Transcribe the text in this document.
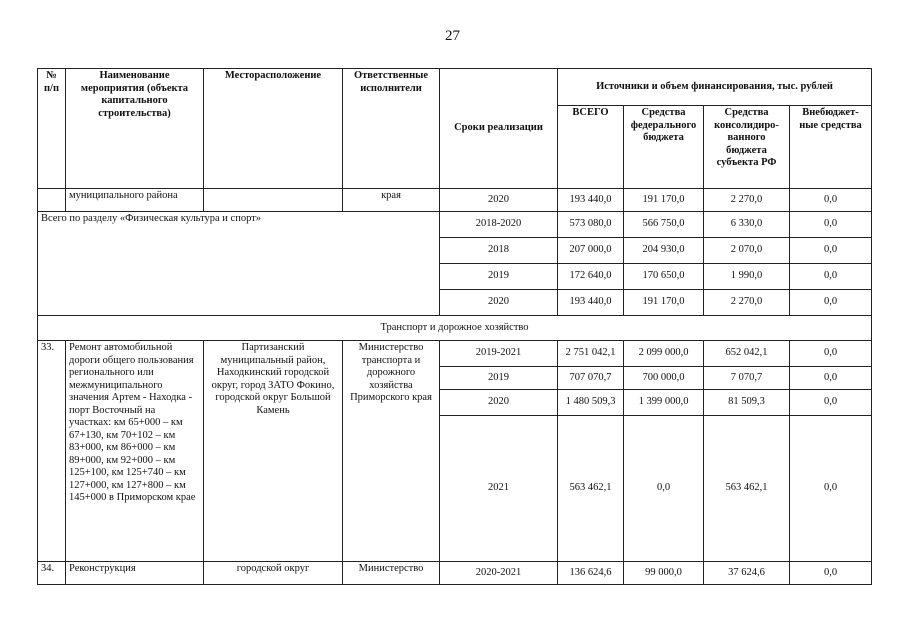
27
№ п/п	Наименование мероприятия (объекта капитального строительства)	Месторасположение	Ответственные исполнители	Сроки реализации	Источники и объем финансирования, тыс. рублей			
					ВСЕГО	Средства федерального бюджета	Средства консолидиро-ванного бюджета субъекта РФ	Внебюджет-ные средства
	муниципального района		края	2020	193 440,0	191 170,0	2 270,0	0,0
Всего по разделу «Физическая культура и спорт»				2018-2020	573 080,0	566 750,0	6 330,0	0,0
				2018	207 000,0	204 930,0	2 070,0	0,0
				2019	172 640,0	170 650,0	1 990,0	0,0
				2020	193 440,0	191 170,0	2 270,0	0,0
Транспорт и дорожное хозяйство								
33.	Ремонт автомобильной дороги общего пользования регионального или межмуниципального значения Артем - Находка - порт Восточный на участках: км 65+000 – км 67+130, км 70+102 – км 83+000, км 86+000 – км 89+000, км 92+000 – км 125+100, км 125+740 – км 127+000, км 127+800 – км 145+000 в Приморском крае	Партизанский муниципальный район, Находкинский городской округ, город ЗАТО Фокино, городской округ Большой Камень	Министерство транспорта и дорожного хозяйства Приморского края	2019-2021	2 751 042,1	2 099 000,0	652 042,1	0,0
				2019	707 070,7	700 000,0	7 070,7	0,0
				2020	1 480 509,3	1 399 000,0	81 509,3	0,0
				2021	563 462,1	0,0	563 462,1	0,0
34.	Реконструкция	городской округ	Министерство	2020-2021	136 624,6	99 000,0	37 624,6	0,0
